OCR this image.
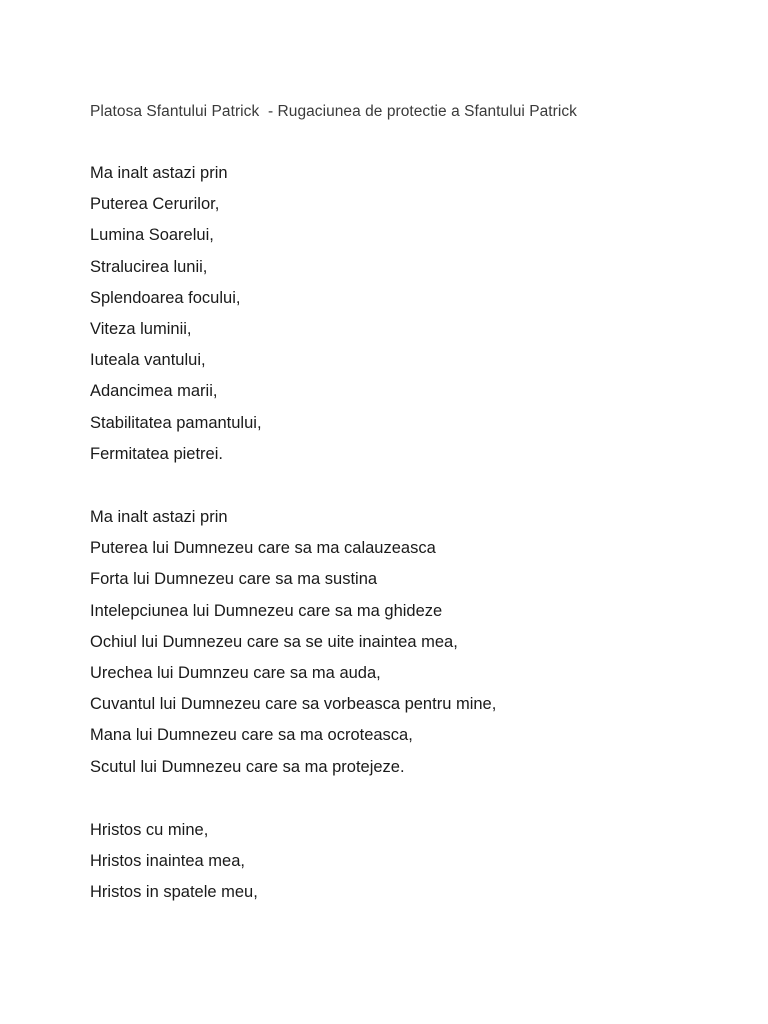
Platosa Sfantului Patrick  - Rugaciunea de protectie a Sfantului Patrick
Ma inalt astazi prin
Puterea Cerurilor,
Lumina Soarelui,
Stralucirea lunii,
Splendoarea focului,
Viteza luminii,
Iuteala vantului,
Adancimea marii,
Stabilitatea pamantului,
Fermitatea pietrei.
Ma inalt astazi prin
Puterea lui Dumnezeu care sa ma calauzeasca
Forta lui Dumnezeu care sa ma sustina
Intelepciunea lui Dumnezeu care sa ma ghideze
Ochiul lui Dumnezeu care sa se uite inaintea mea,
Urechea lui Dumnzeu care sa ma auda,
Cuvantul lui Dumnezeu care sa vorbeasca pentru mine,
Mana lui Dumnezeu care sa ma ocroteasca,
Scutul lui Dumnezeu care sa ma protejeze.
Hristos cu mine,
Hristos inaintea mea,
Hristos in spatele meu,
